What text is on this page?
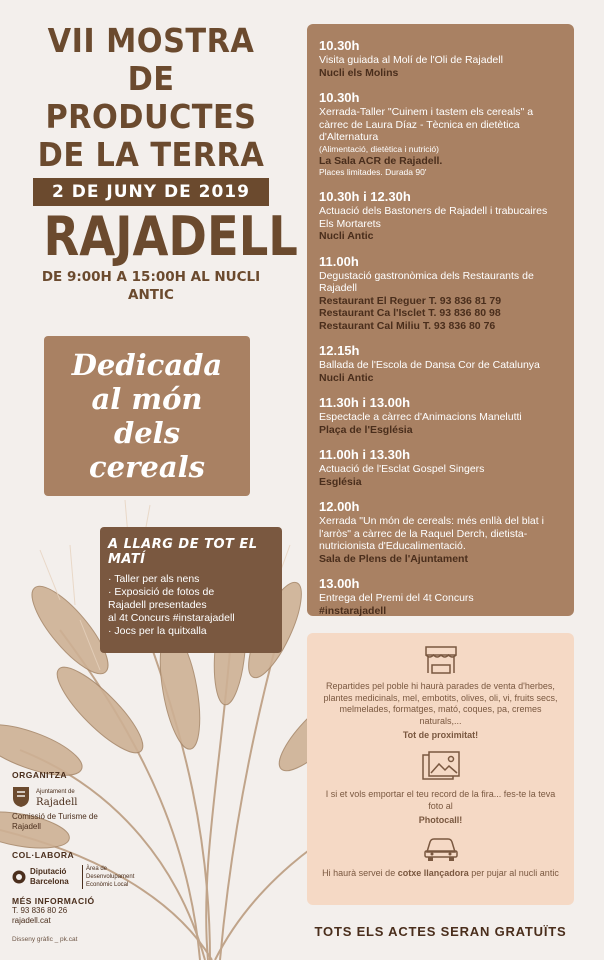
VII MOSTRA
DE PRODUCTES
DE LA TERRA
2 DE JUNY DE 2019
RAJADELL
DE 9:00H A 15:00H AL NUCLI ANTIC
Dedicada
al món dels
cereals
A LLARG DE TOT EL MATÍ
· Taller per als nens
· Exposició de fotos de
Rajadell presentades
al 4t Concurs #instarajadell
· Jocs per la quitxalla
10.30h
Visita guiada al Molí de l'Oli de Rajadell
Nucli els Molins
10.30h
Xerrada-Taller "Cuinem i tastem els cereals" a càrrec de Laura Díaz - Tècnica en dietètica d'Alternatura
(Alimentació, dietètica i nutrició)
La Sala ACR de Rajadell.
Places limitades. Durada 90'
10.30h i 12.30h
Actuació dels Bastoners de Rajadell i trabucaires Els Mortarets
Nucli Antic
11.00h
Degustació gastronòmica dels Restaurants de Rajadell
Restaurant El Reguer T. 93 836 81 79
Restaurant Ca l'Isclet T. 93 836 80 98
Restaurant Cal Miliu T. 93 836 80 76
12.15h
Ballada de l'Escola de Dansa Cor de Catalunya
Nucli Antic
11.30h i 13.00h
Espectacle a càrrec d'Animacions Manelutti
Plaça de l'Església
11.00h i 13.30h
Actuació de l'Esclat Gospel Singers
Església
12.00h
Xerrada "Un món de cereals: més enllà del blat i l'arròs" a càrrec de la Raquel Derch, dietista-nutricionista d'Educalimentació.
Sala de Plens de l'Ajuntament
13.00h
Entrega del Premi del 4t Concurs
#instarajadell
Repartides pel poble hi haurà parades de venta d'herbes, plantes medicinals, mel, embotits, olives, oli, vi, fruits secs, melmelades, formatges, mató, coques, pa, cremes naturals,...
Tot de proximitat!
I si et vols emportar el teu record de la fira... fes-te la teva foto al
Photocall!
Hi haurà servei de cotxe llançadora per pujar al nucli antic
TOTS ELS ACTES SERAN GRATUÏTS
ORGANITZA
Ajuntament de
Rajadell
Comissió de Turisme de Rajadell
COL·LABORA
Diputació Barcelona
Àrea de Desenvolupament Econòmic Local
MÉS INFORMACIÓ
T. 93 836 80 26
rajadell.cat
Disseny gràfic _ pk.cat
